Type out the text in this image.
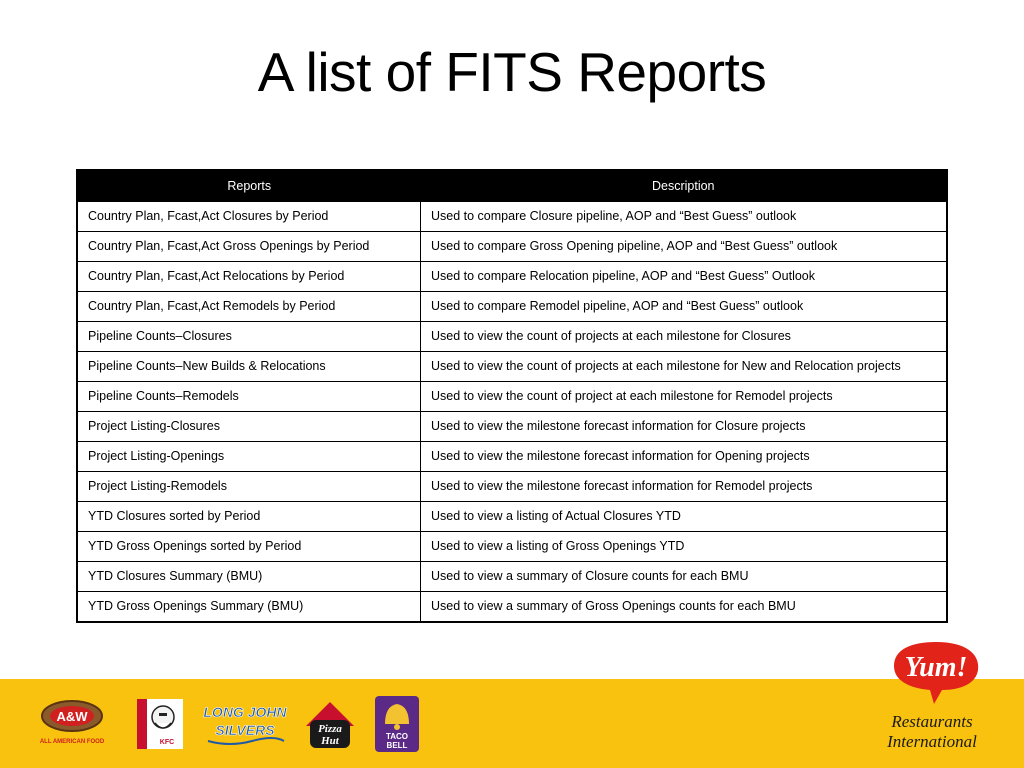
A list of FITS Reports
Reports	Description
Country Plan, Fcast,Act Closures by Period	Used to compare Closure pipeline, AOP and “Best Guess” outlook
Country Plan, Fcast,Act Gross Openings by Period	Used to compare Gross Opening pipeline, AOP and “Best Guess” outlook
Country Plan, Fcast,Act Relocations by Period	Used to compare Relocation pipeline, AOP and “Best Guess” Outlook
Country Plan, Fcast,Act Remodels by Period	Used to compare Remodel pipeline, AOP and “Best Guess” outlook
Pipeline Counts–Closures	Used to view the count of projects at each milestone for Closures
Pipeline Counts–New Builds & Relocations	Used to view the count of projects at each milestone for New and Relocation projects
Pipeline Counts–Remodels	Used to view the count of project at each milestone for Remodel projects
Project Listing-Closures	Used to view the milestone forecast information for Closure projects
Project Listing-Openings	Used to view the milestone forecast information for Opening projects
Project Listing-Remodels	Used to view the milestone forecast information for Remodel projects
YTD Closures sorted by Period	Used to view a listing of Actual Closures YTD
YTD Gross Openings sorted by Period	Used to view a listing of Gross Openings YTD
YTD Closures Summary (BMU)	Used to view a summary of Closure counts for each BMU
YTD Gross Openings Summary (BMU)	Used to view a summary of Gross Openings counts for each BMU
A&W
ALL AMERICAN FOOD	KFC
LONG JOHN
SILVERS	Pizza
Hut	TACO
BELL
Yum!
Restaurants
International
